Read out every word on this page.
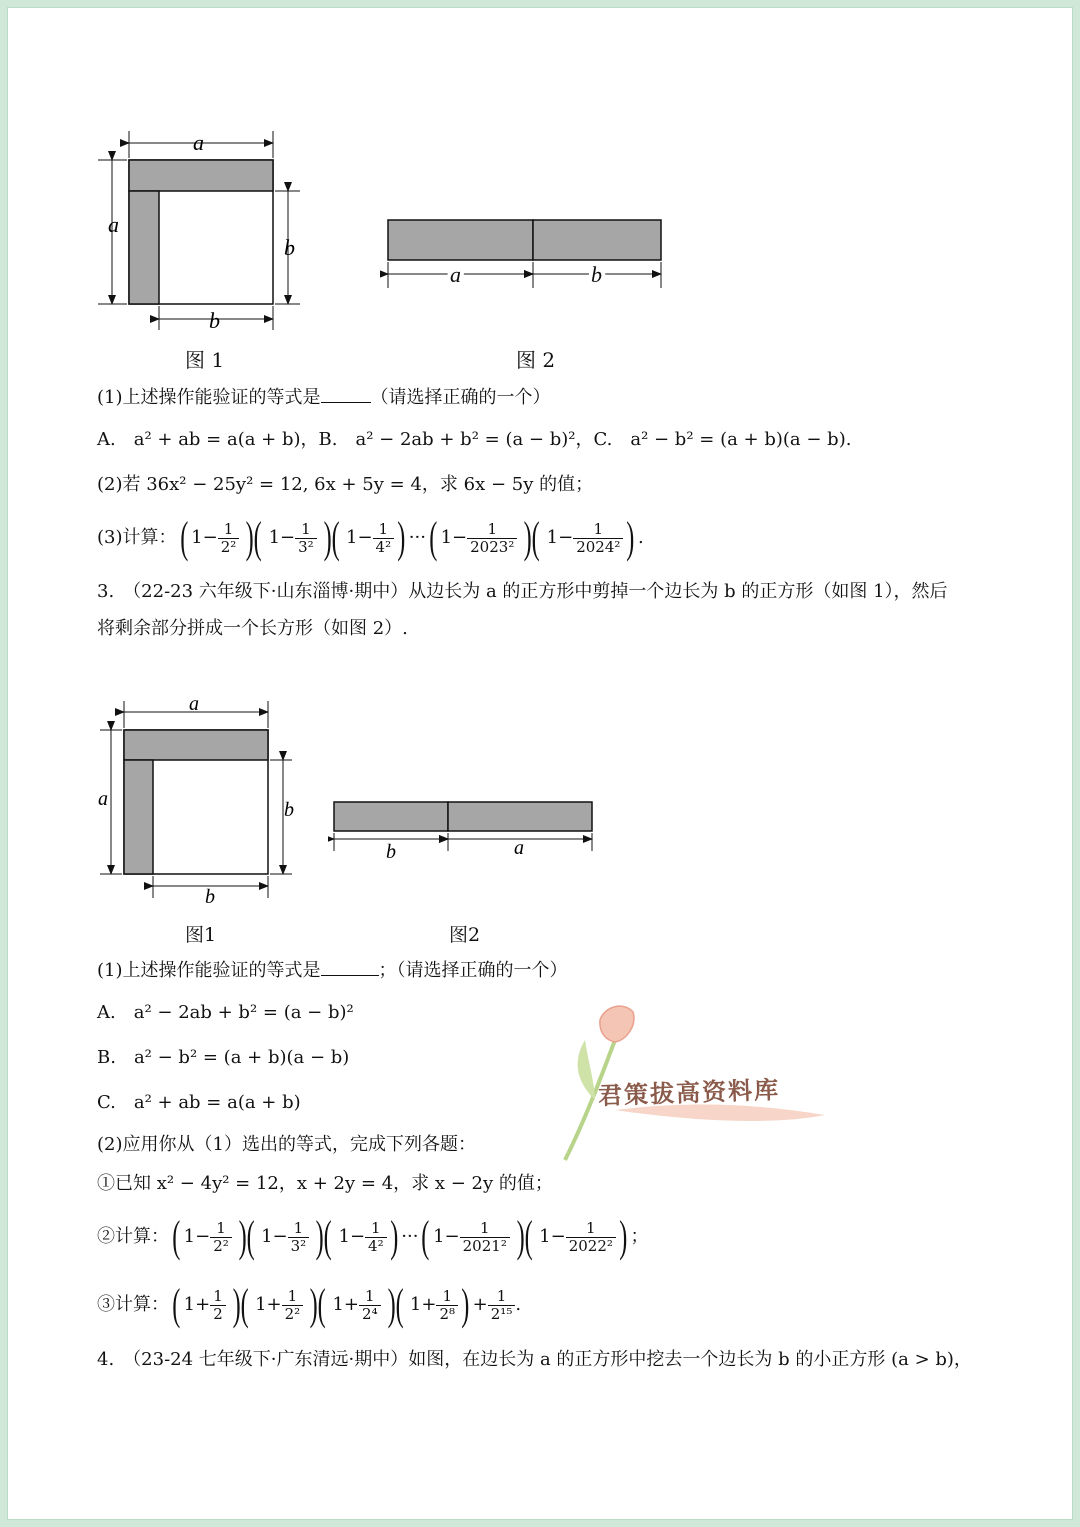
a
a
b
b
图 1
a	b
图 2
(1)上述操作能验证的等式是	（请选择正确的一个）
A.　a² + ab = a(a + b)，B.　a² − 2ab + b² = (a − b)²，C.　a² − b² = (a + b)(a − b).
(2)若 36x² − 25y² = 12, 6x + 5y = 4，求 6x − 5y 的值；
(3)计算：( $1- \frac{1}{\text{2²}}$ )( $1- \frac{1}{\text{3²}}$ )( $1- \frac{1}{\text{4²}}$ ) ···( $1- \frac{1}{\text{2023²}}$ )( $1- \frac{1}{\text{2024²}}$ ) .
3.　（22-23 六年级下·山东淄博·期中）从边长为 a 的正方形中剪掉一个边长为 b 的正方形（如图 1），然后
将剩余部分拼成一个长方形（如图 2）.
a
a	b
b
图1
b	a
图2
(1)上述操作能验证的等式是	；（请选择正确的一个）
A.　a² − 2ab + b² = (a − b)²
B.　a² − b² = (a + b)(a − b)
C.　a² + ab = a(a + b)
(2)应用你从（1）选出的等式，完成下列各题：
①已知 x² − 4y² = 12，x + 2y = 4，求 x − 2y 的值；
②计算：( $1- \frac{1}{\text{2²}}$ )( $1- \frac{1}{\text{3²}}$ )( $1- \frac{1}{\text{4²}}$ ) ···( $1- \frac{1}{\text{2021²}}$ )( $1- \frac{1}{\text{2022²}}$ ) ；
③计算：( $1+ \frac{1}{2}$ )( $1+ \frac{1}{\text{2²}}$ )( $1+ \frac{1}{\text{2⁴}}$ )( $1+ \frac{1}{\text{2⁸}}$ ) + $\frac{1}{\text{2¹⁵}}$ .
4.　（23-24 七年级下·广东清远·期中）如图，在边长为 a 的正方形中挖去一个边长为 b 的小正方形 (a > b)，
君策拔高资料库
